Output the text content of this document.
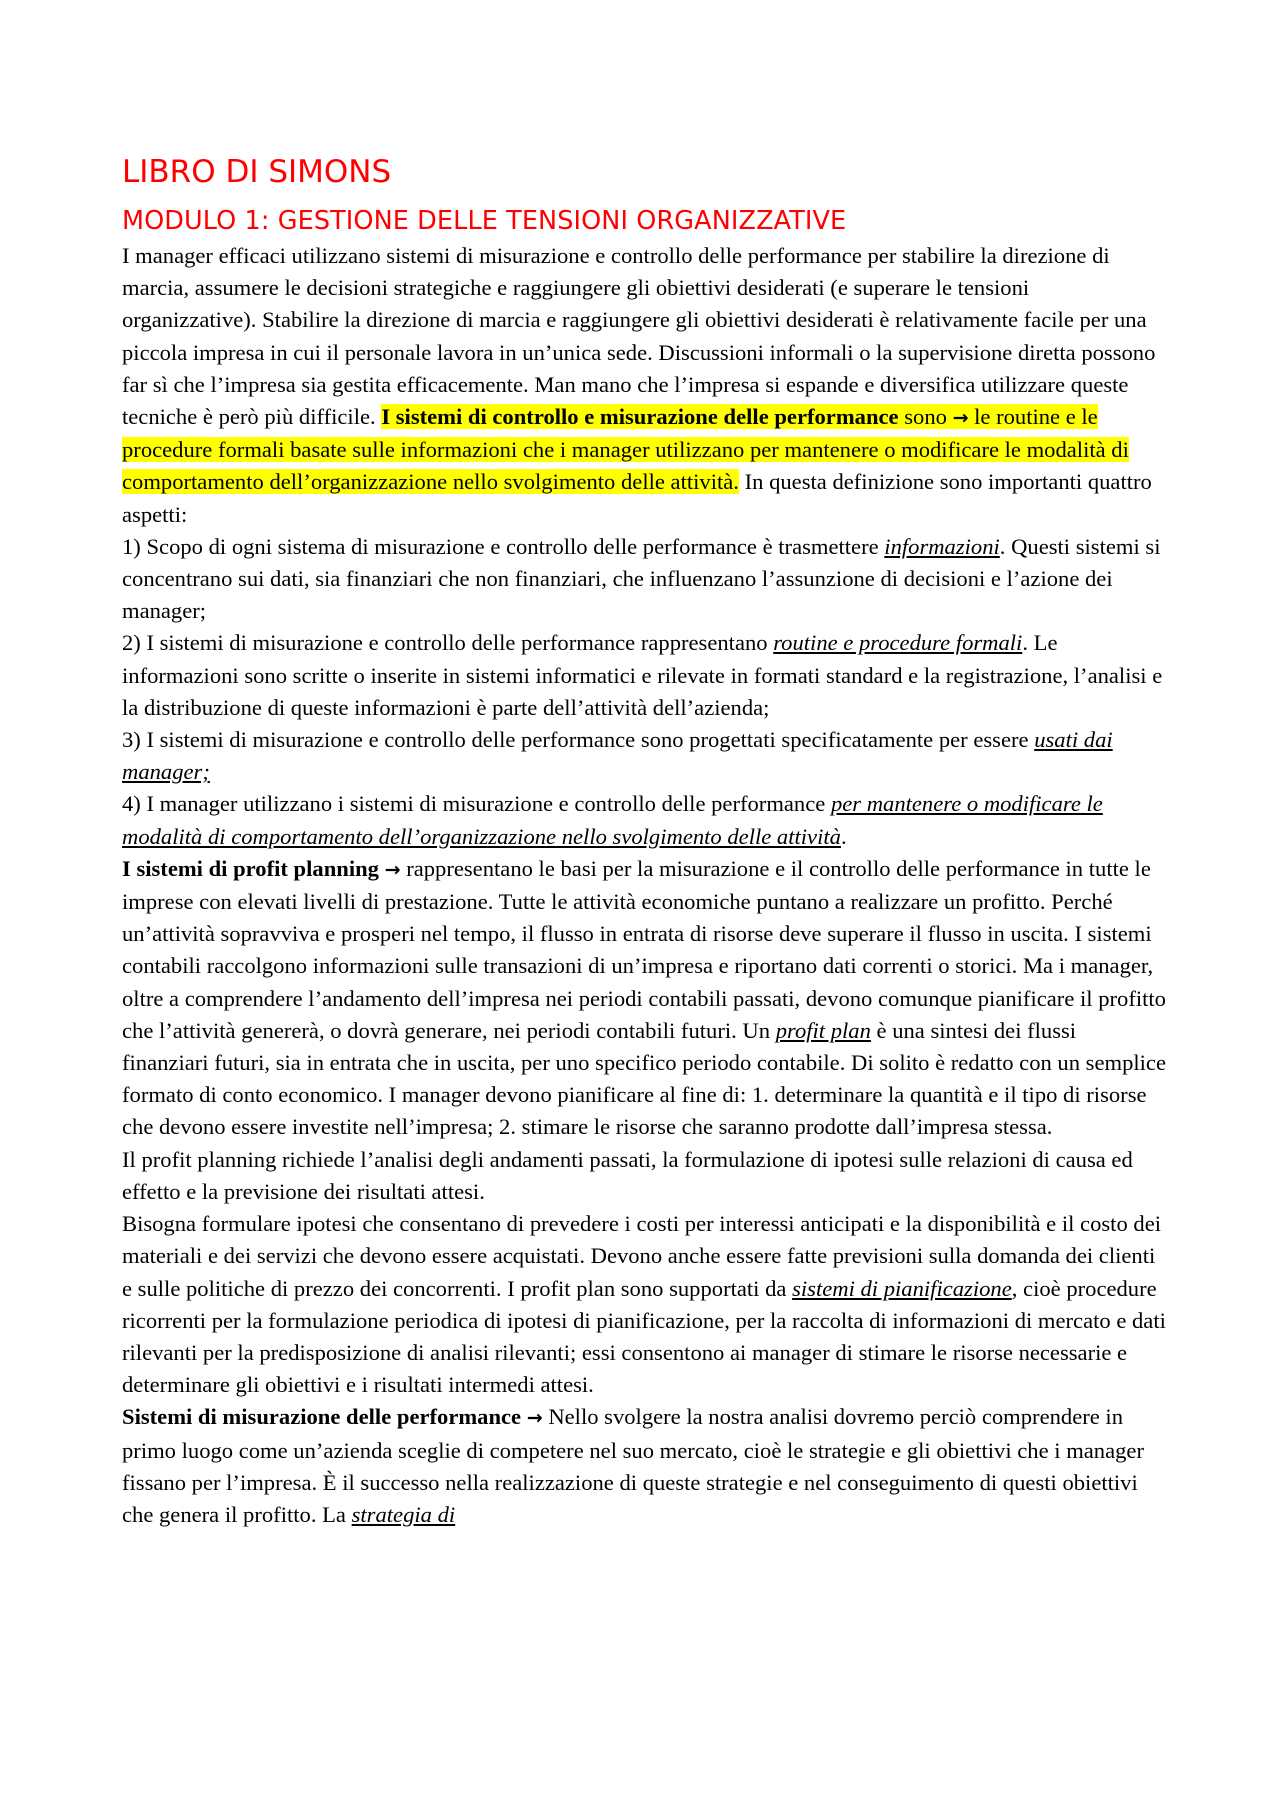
LIBRO DI SIMONS
MODULO 1: GESTIONE DELLE TENSIONI ORGANIZZATIVE

I manager efficaci utilizzano sistemi di misurazione e controllo delle performance per stabilire la direzione di marcia, assumere le decisioni strategiche e raggiungere gli obiettivi desiderati (e superare le tensioni organizzative). Stabilire la direzione di marcia e raggiungere gli obiettivi desiderati è relativamente facile per una piccola impresa in cui il personale lavora in un’unica sede. Discussioni informali o la supervisione diretta possono far sì che l’impresa sia gestita efficacemente. Man mano che l’impresa si espande e diversifica utilizzare queste tecniche è però più difficile. I sistemi di controllo e misurazione delle performance sono → le routine e le procedure formali basate sulle informazioni che i manager utilizzano per mantenere o modificare le modalità di comportamento dell’organizzazione nello svolgimento delle attività. In questa definizione sono importanti quattro aspetti:

1) Scopo di ogni sistema di misurazione e controllo delle performance è trasmettere informazioni. Questi sistemi si concentrano sui dati, sia finanziari che non finanziari, che influenzano l’assunzione di decisioni e l’azione dei manager;

2) I sistemi di misurazione e controllo delle performance rappresentano routine e procedure formali. Le informazioni sono scritte o inserite in sistemi informatici e rilevate in formati standard e la registrazione, l’analisi e la distribuzione di queste informazioni è parte dell’attività dell’azienda;

3) I sistemi di misurazione e controllo delle performance sono progettati specificatamente per essere usati dai manager;

4) I manager utilizzano i sistemi di misurazione e controllo delle performance per mantenere o modificare le modalità di comportamento dell’organizzazione nello svolgimento delle attività.

I sistemi di profit planning → rappresentano le basi per la misurazione e il controllo delle performance in tutte le imprese con elevati livelli di prestazione. Tutte le attività economiche puntano a realizzare un profitto. Perché un’attività sopravviva e prosperi nel tempo, il flusso in entrata di risorse deve superare il flusso in uscita. I sistemi contabili raccolgono informazioni sulle transazioni di un’impresa e riportano dati correnti o storici. Ma i manager, oltre a comprendere l’andamento dell’impresa nei periodi contabili passati, devono comunque pianificare il profitto che l’attività genererà, o dovrà generare, nei periodi contabili futuri. Un profit plan è una sintesi dei flussi finanziari futuri, sia in entrata che in uscita, per uno specifico periodo contabile. Di solito è redatto con un semplice formato di conto economico. I manager devono pianificare al fine di: 1. determinare la quantità e il tipo di risorse che devono essere investite nell’impresa; 2. stimare le risorse che saranno prodotte dall’impresa stessa.

Il profit planning richiede l’analisi degli andamenti passati, la formulazione di ipotesi sulle relazioni di causa ed effetto e la previsione dei risultati attesi.

Bisogna formulare ipotesi che consentano di prevedere i costi per interessi anticipati e la disponibilità e il costo dei materiali e dei servizi che devono essere acquistati. Devono anche essere fatte previsioni sulla domanda dei clienti e sulle politiche di prezzo dei concorrenti. I profit plan sono supportati da sistemi di pianificazione, cioè procedure ricorrenti per la formulazione periodica di ipotesi di pianificazione, per la raccolta di informazioni di mercato e dati rilevanti per la predisposizione di analisi rilevanti; essi consentono ai manager di stimare le risorse necessarie e determinare gli obiettivi e i risultati intermedi attesi.

Sistemi di misurazione delle performance → Nello svolgere la nostra analisi dovremo perciò comprendere in primo luogo come un’azienda sceglie di competere nel suo mercato, cioè le strategie e gli obiettivi che i manager fissano per l’impresa. È il successo nella realizzazione di queste strategie e nel conseguimento di questi obiettivi che genera il profitto. La strategia di
